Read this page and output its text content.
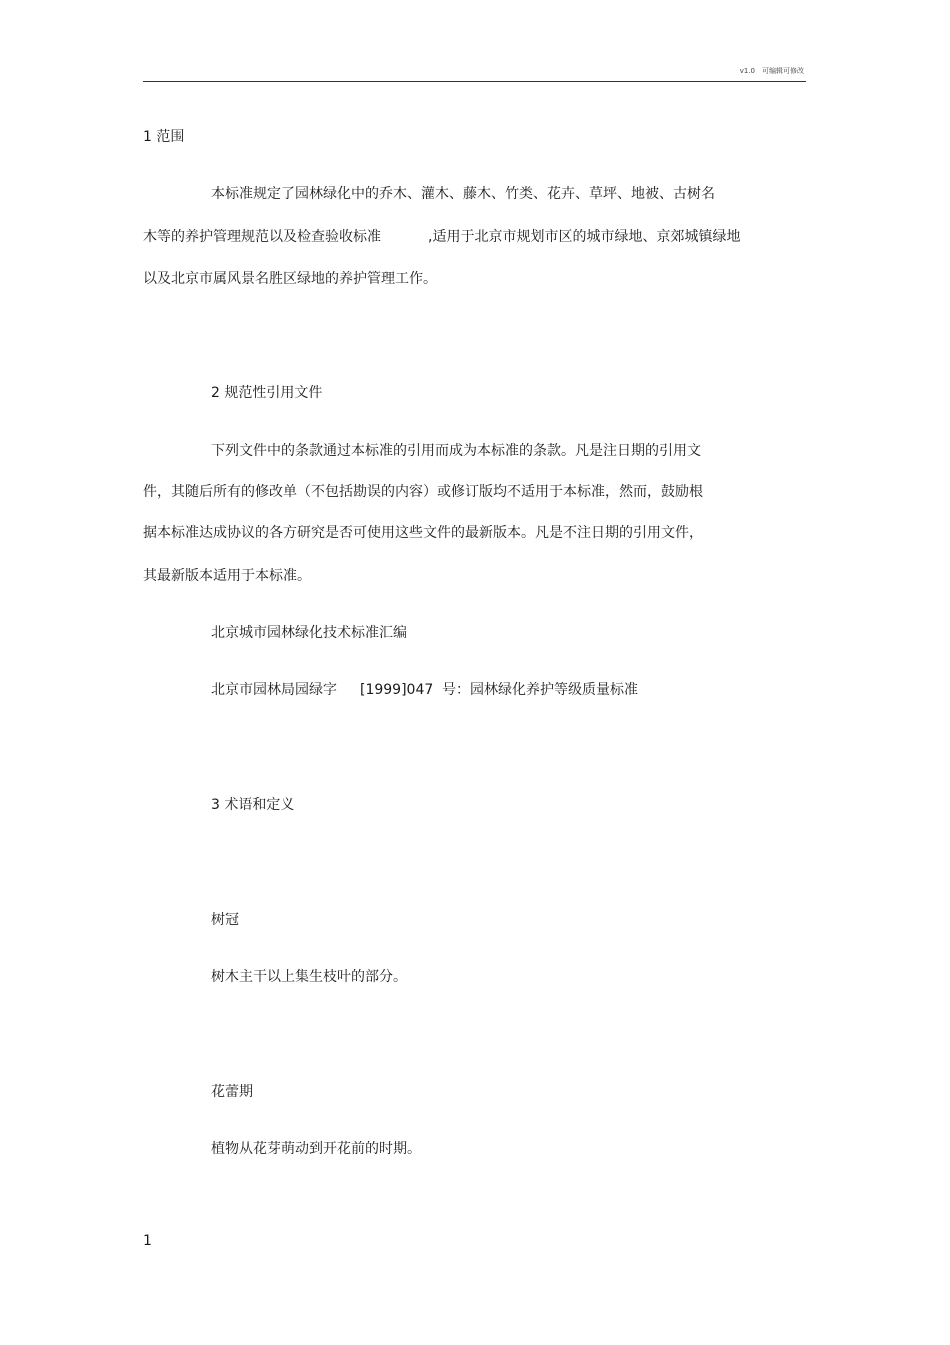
v1.0　可编辑可修改
1 范围
本标准规定了园林绿化中的乔木、灌木、藤木、竹类、花卉、草坪、地被、古树名
木等的养护管理规范以及检查验收标准	,适用于北京市规划市区的城市绿地、京郊城镇绿地
以及北京市属风景名胜区绿地的养护管理工作。
2 规范性引用文件
下列文件中的条款通过本标准的引用而成为本标准的条款。凡是注日期的引用文
件，其随后所有的修改单（不包括勘误的内容）或修订版均不适用于本标准，然而，鼓励根
据本标准达成协议的各方研究是否可使用这些文件的最新版本。凡是不注日期的引用文件，
其最新版本适用于本标准。
北京城市园林绿化技术标准汇编
北京市园林局园绿字 [1999]047 号：园林绿化养护等级质量标准
3 术语和定义
树冠
树木主干以上集生枝叶的部分。
花蕾期
植物从花芽萌动到开花前的时期。
1
